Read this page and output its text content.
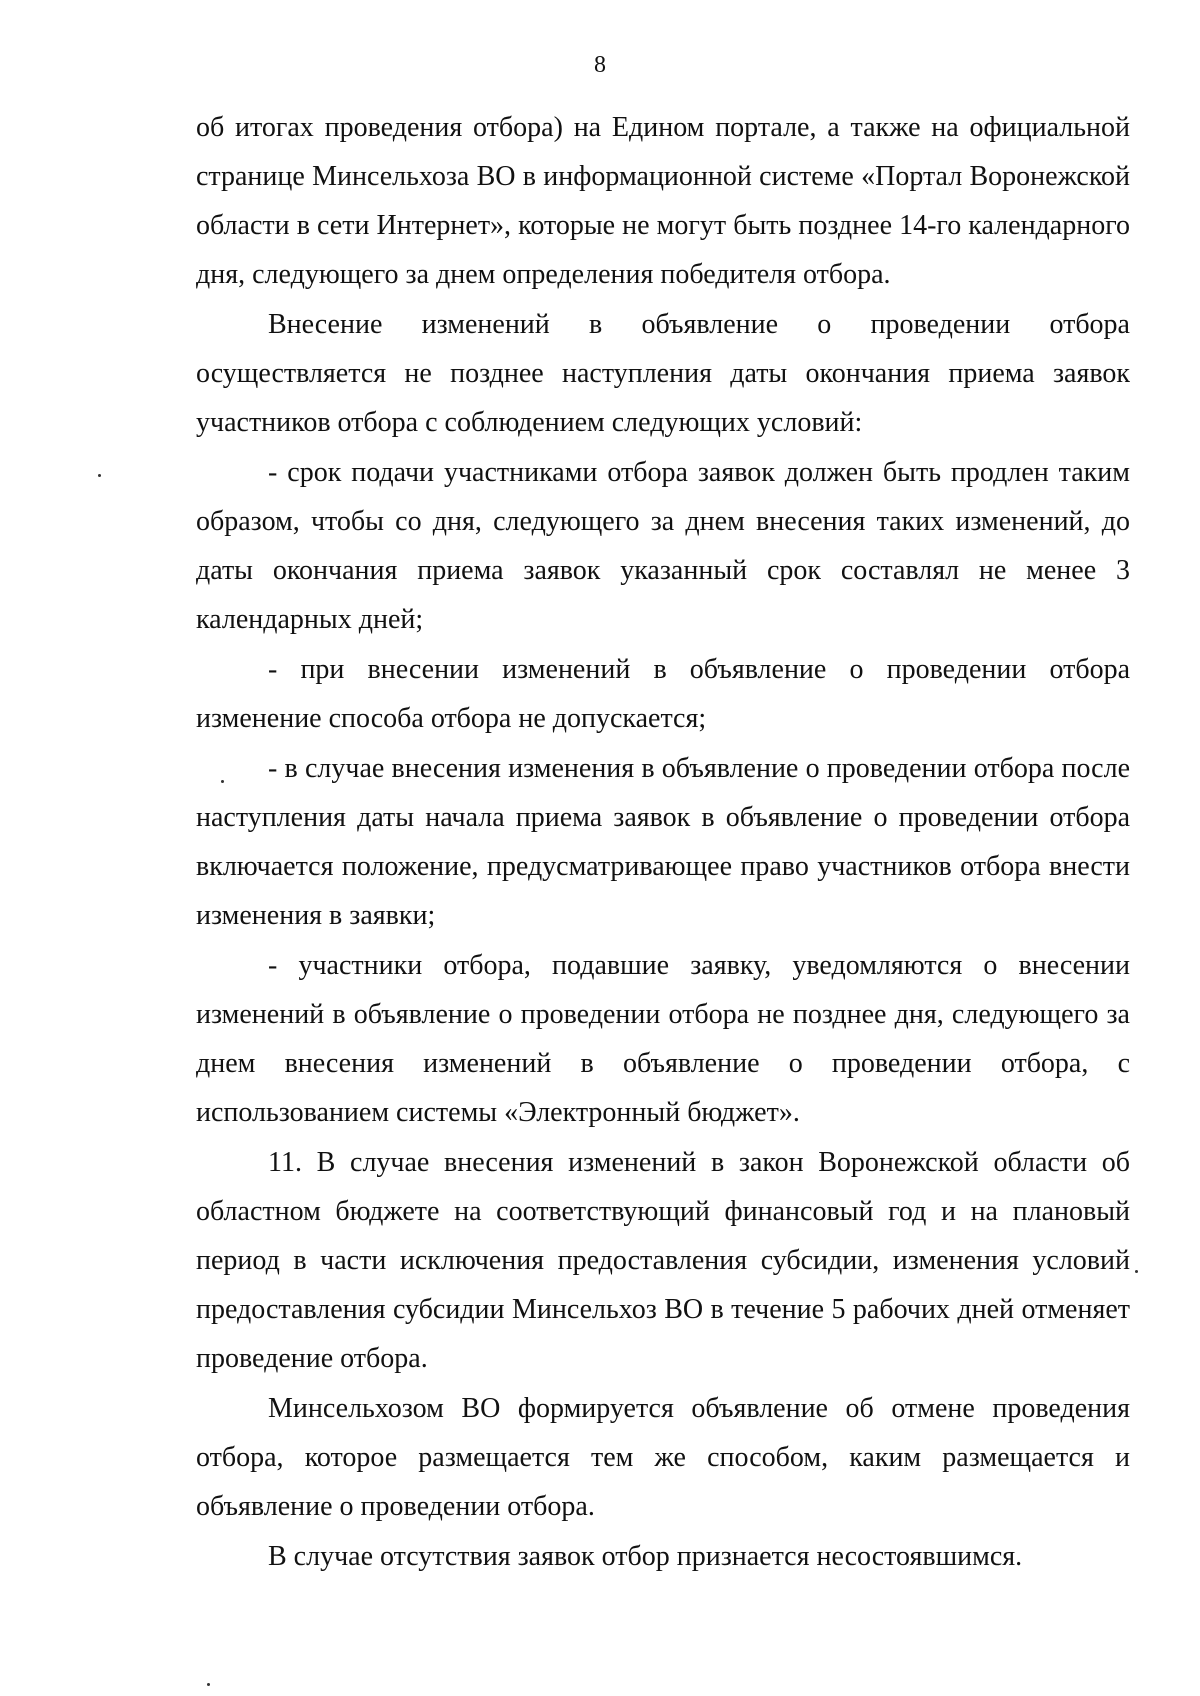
8

об итогах проведения отбора) на Едином портале, а также на официальной странице Минсельхоза ВО в информационной системе «Портал Воронежской области в сети Интернет», которые не могут быть позднее 14-го календарного дня, следующего за днем определения победителя отбора.

Внесение изменений в объявление о проведении отбора осуществляется не позднее наступления даты окончания приема заявок участников отбора с соблюдением следующих условий:

- срок подачи участниками отбора заявок должен быть продлен таким образом, чтобы со дня, следующего за днем внесения таких изменений, до даты окончания приема заявок указанный срок составлял не менее 3 календарных дней;

- при внесении изменений в объявление о проведении отбора изменение способа отбора не допускается;

- в случае внесения изменения в объявление о проведении отбора после наступления даты начала приема заявок в объявление о проведении отбора включается положение, предусматривающее право участников отбора внести изменения в заявки;

- участники отбора, подавшие заявку, уведомляются о внесении изменений в объявление о проведении отбора не позднее дня, следующего за днем внесения изменений в объявление о проведении отбора, с использованием системы «Электронный бюджет».

11. В случае внесения изменений в закон Воронежской области об областном бюджете на соответствующий финансовый год и на плановый период в части исключения предоставления субсидии, изменения условий предоставления субсидии Минсельхоз ВО в течение 5 рабочих дней отменяет проведение отбора.

Минсельхозом ВО формируется объявление об отмене проведения отбора, которое размещается тем же способом, каким размещается и объявление о проведении отбора.

В случае отсутствия заявок отбор признается несостоявшимся.
